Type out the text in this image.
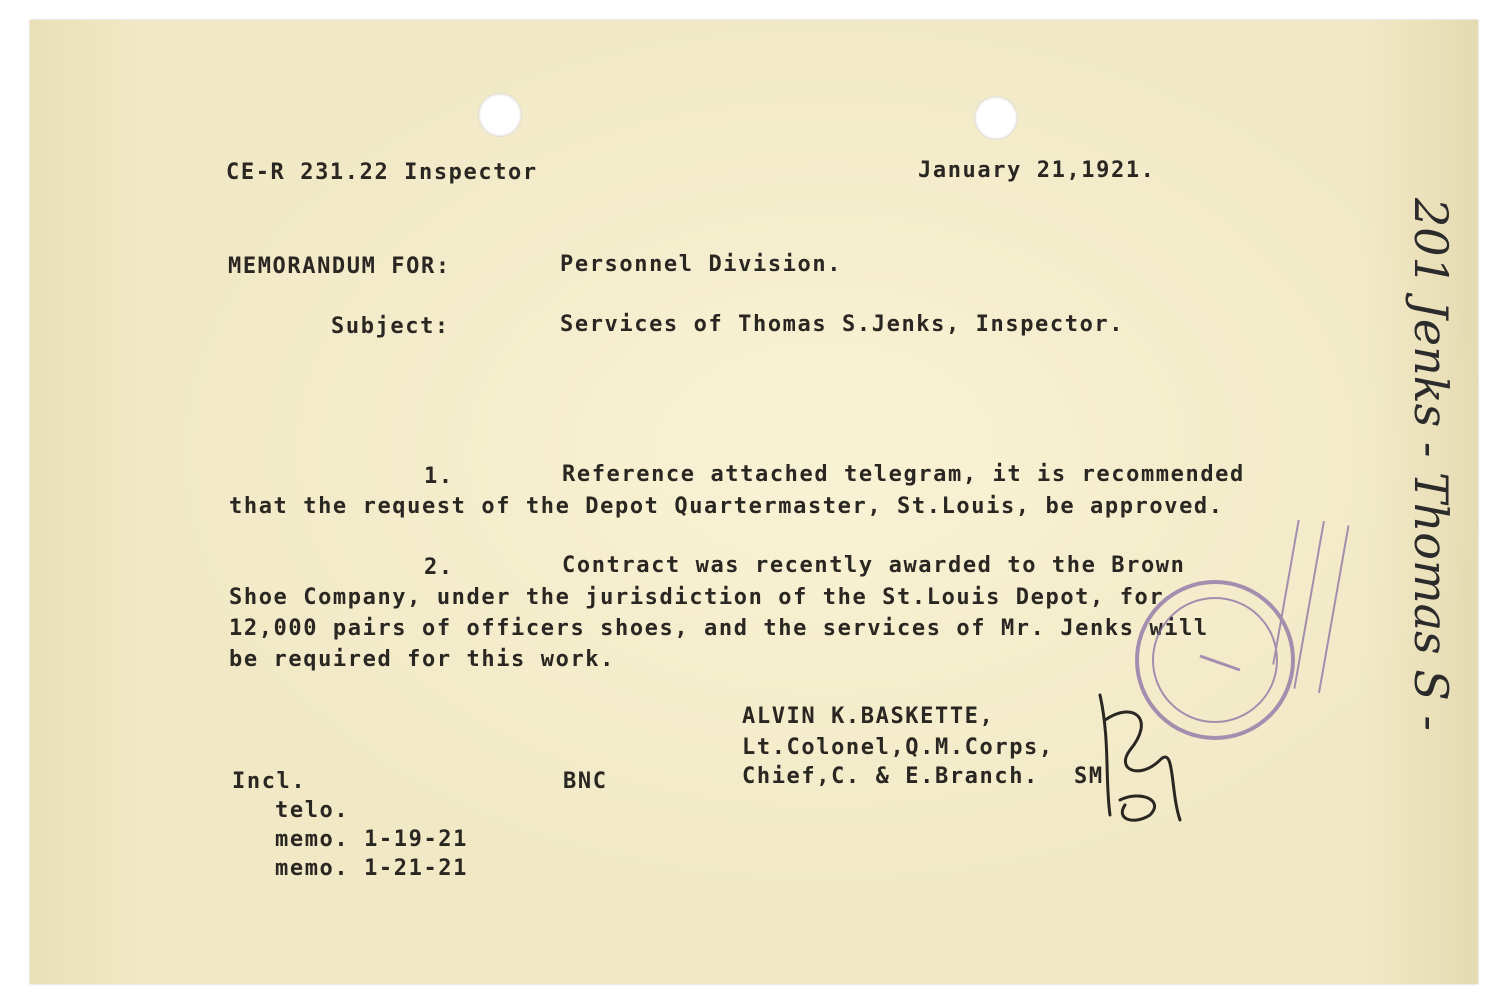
CE-R 231.22 Inspector	January 21,1921.
MEMORANDUM FOR:	Personnel Division.
Subject:	Services of Thomas S.Jenks, Inspector.
1.	Reference attached telegram, it is recommended
that the request of the Depot Quartermaster, St.Louis, be approved.
2.	Contract was recently awarded to the Brown
Shoe Company, under the jurisdiction of the St.Louis Depot, for
12,000 pairs of officers shoes, and the services of Mr. Jenks will
be required for this work.
ALVIN K.BASKETTE,
Lt.Colonel,Q.M.Corps,
Chief,C. & E.Branch. SM
Incl.	BNC
telo.
memo. 1-19-21
memo. 1-21-21
201 Jenks - Thomas S -
